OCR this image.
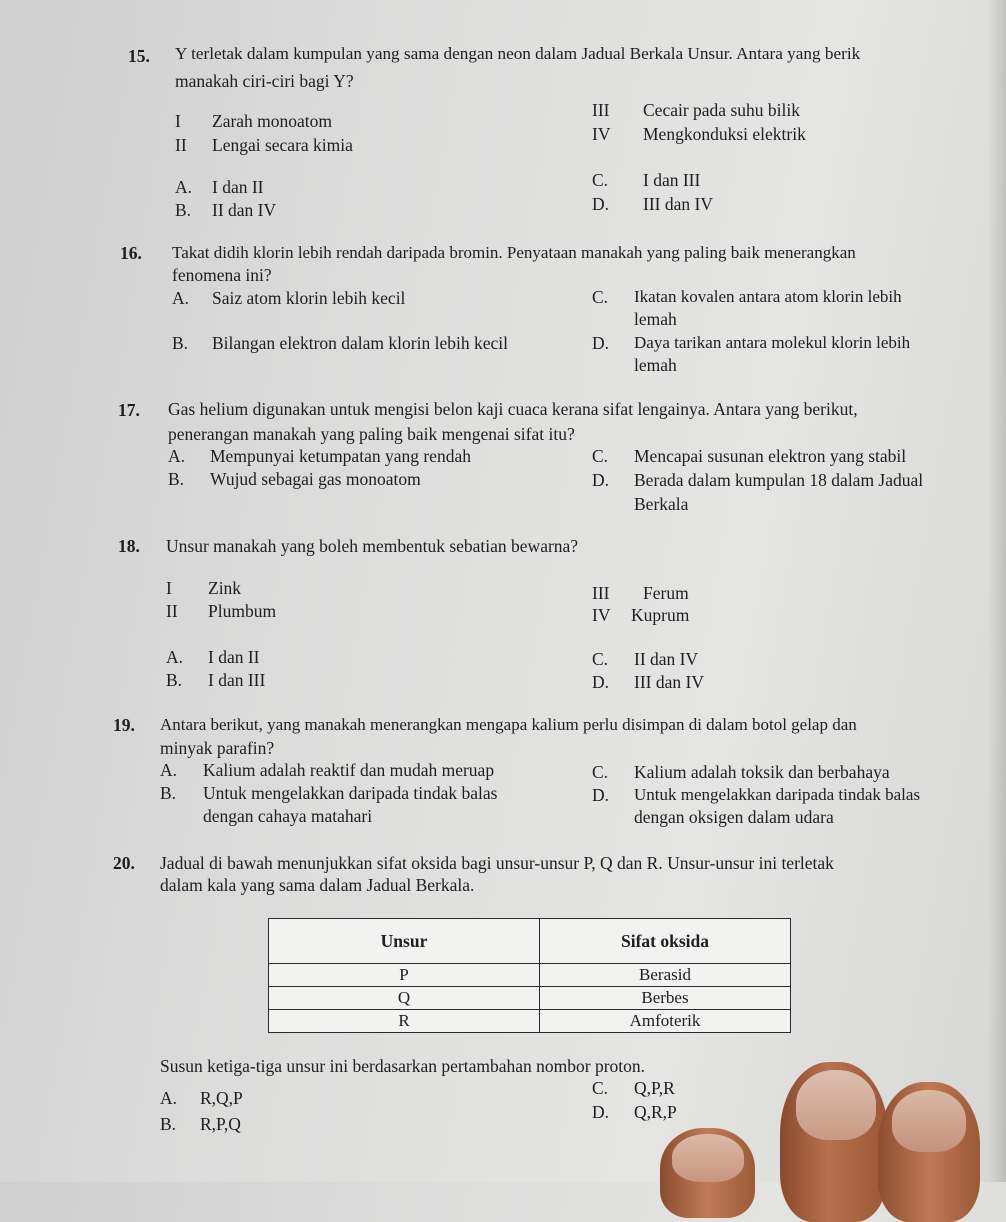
15. Y terletak dalam kumpulan yang sama dengan neon dalam Jadual Berkala Unsur. Antara yang berik
manakah ciri-ciri bagi Y?
I Zarah monoatom
II Lengai secara kimia
III Cecair pada suhu bilik
IV Mengkonduksi elektrik
A. I dan II
B. II dan IV
C. I dan III
D. III dan IV
16. Takat didih klorin lebih rendah daripada bromin. Penyataan manakah yang paling baik menerangkan
fenomena ini?
A. Saiz atom klorin lebih kecil
B. Bilangan elektron dalam klorin lebih kecil
C. Ikatan kovalen antara atom klorin lebih
lemah
D. Daya tarikan antara molekul klorin lebih
lemah
17. Gas helium digunakan untuk mengisi belon kaji cuaca kerana sifat lengainya. Antara yang berikut,
penerangan manakah yang paling baik mengenai sifat itu?
A. Mempunyai ketumpatan yang rendah
B. Wujud sebagai gas monoatom
C. Mencapai susunan elektron yang stabil
D. Berada dalam kumpulan 18 dalam Jadual
Berkala
18. Unsur manakah yang boleh membentuk sebatian bewarna?
I Zink
II Plumbum
III Ferum
IV Kuprum
A. I dan II
B. I dan III
C. II dan IV
D. III dan IV
19. Antara berikut, yang manakah menerangkan mengapa kalium perlu disimpan di dalam botol gelap dan
minyak parafin?
A. Kalium adalah reaktif dan mudah meruap
B. Untuk mengelakkan daripada tindak balas
dengan cahaya matahari
C. Kalium adalah toksik dan berbahaya
D. Untuk mengelakkan daripada tindak balas
dengan oksigen dalam udara
20. Jadual di bawah menunjukkan sifat oksida bagi unsur-unsur P, Q dan R. Unsur-unsur ini terletak
dalam kala yang sama dalam Jadual Berkala.
Unsur	Sifat oksida
P	Berasid
Q	Berbes
R	Amfoterik
Susun ketiga-tiga unsur ini berdasarkan pertambahan nombor proton.
A. R,Q,P
B. R,P,Q
C. Q,P,R
D. Q,R,P
